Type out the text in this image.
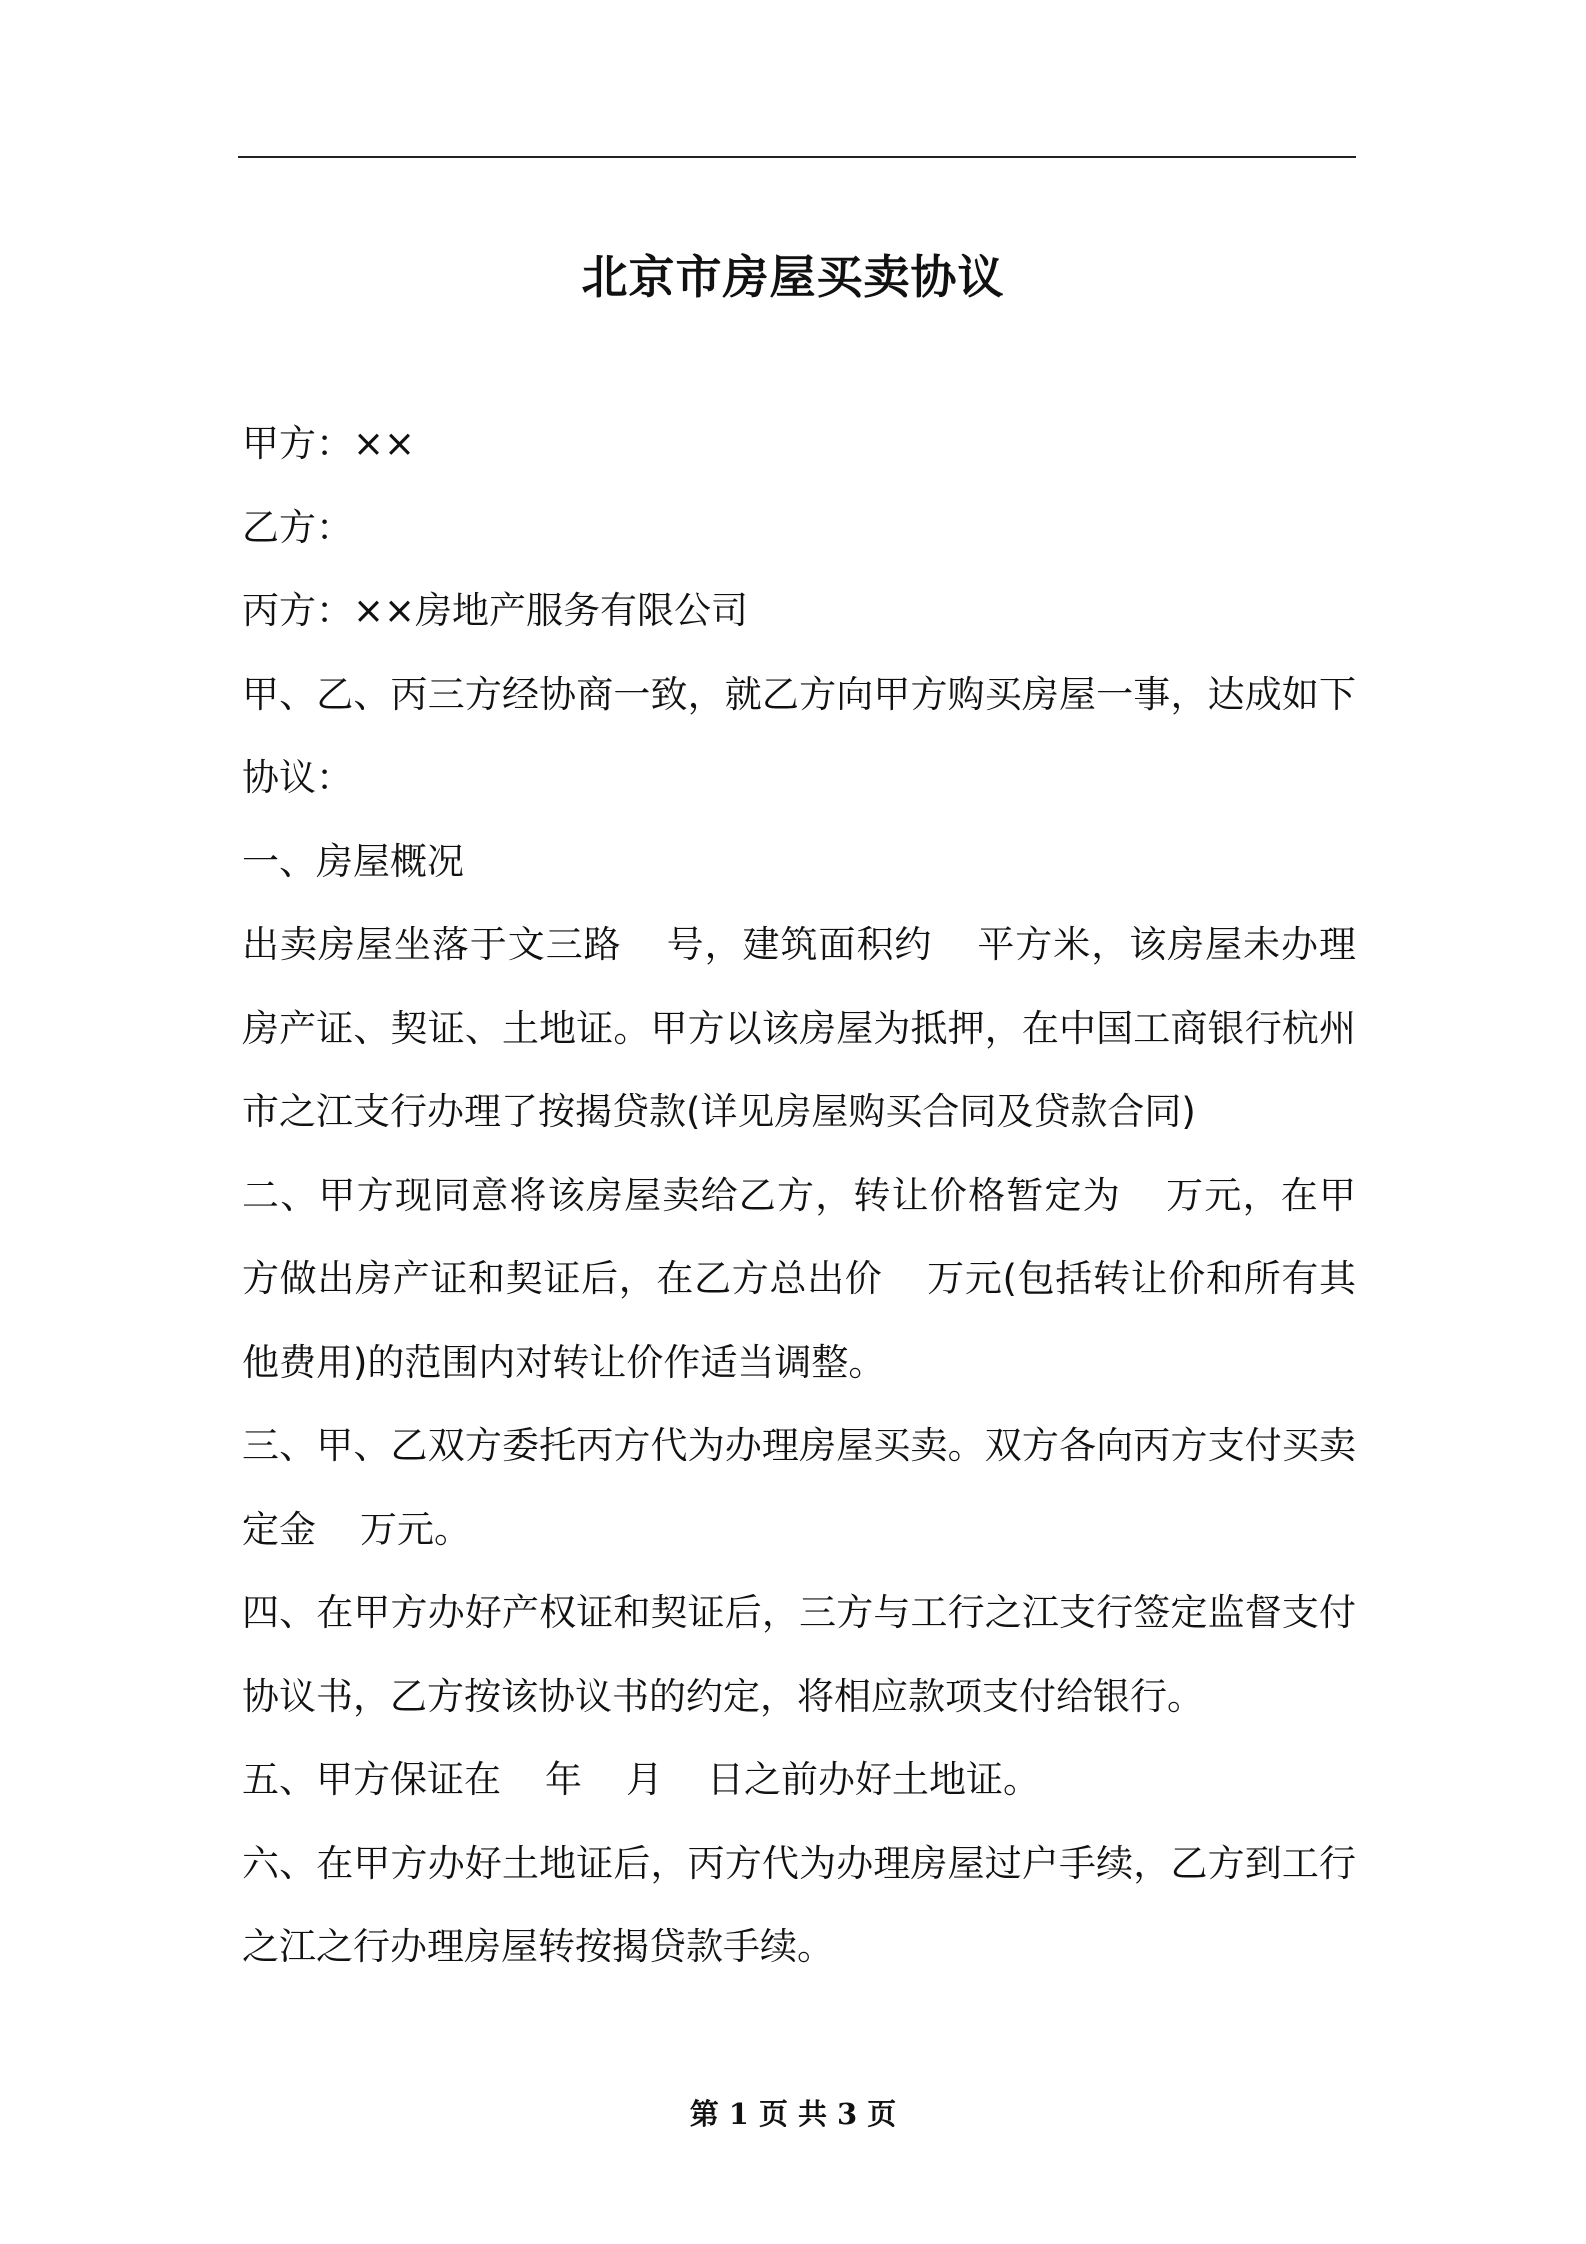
北京市房屋买卖协议

甲方：××

乙方：

丙方：××房地产服务有限公司

甲、乙、丙三方经协商一致，就乙方向甲方购买房屋一事，达成如下协议：

一、房屋概况

出卖房屋坐落于文三路 号，建筑面积约 平方米，该房屋未办理房产证、契证、土地证。甲方以该房屋为抵押，在中国工商银行杭州市之江支行办理了按揭贷款(详见房屋购买合同及贷款合同)

二、甲方现同意将该房屋卖给乙方，转让价格暂定为 万元，在甲方做出房产证和契证后，在乙方总出价 万元(包括转让价和所有其他费用)的范围内对转让价作适当调整。

三、甲、乙双方委托丙方代为办理房屋买卖。双方各向丙方支付买卖定金 万元。

四、在甲方办好产权证和契证后，三方与工行之江支行签定监督支付协议书，乙方按该协议书的约定，将相应款项支付给银行。

五、甲方保证在 年 月 日之前办好土地证。

六、在甲方办好土地证后，丙方代为办理房屋过户手续，乙方到工行之江之行办理房屋转按揭贷款手续。

第 1 页 共 3 页
